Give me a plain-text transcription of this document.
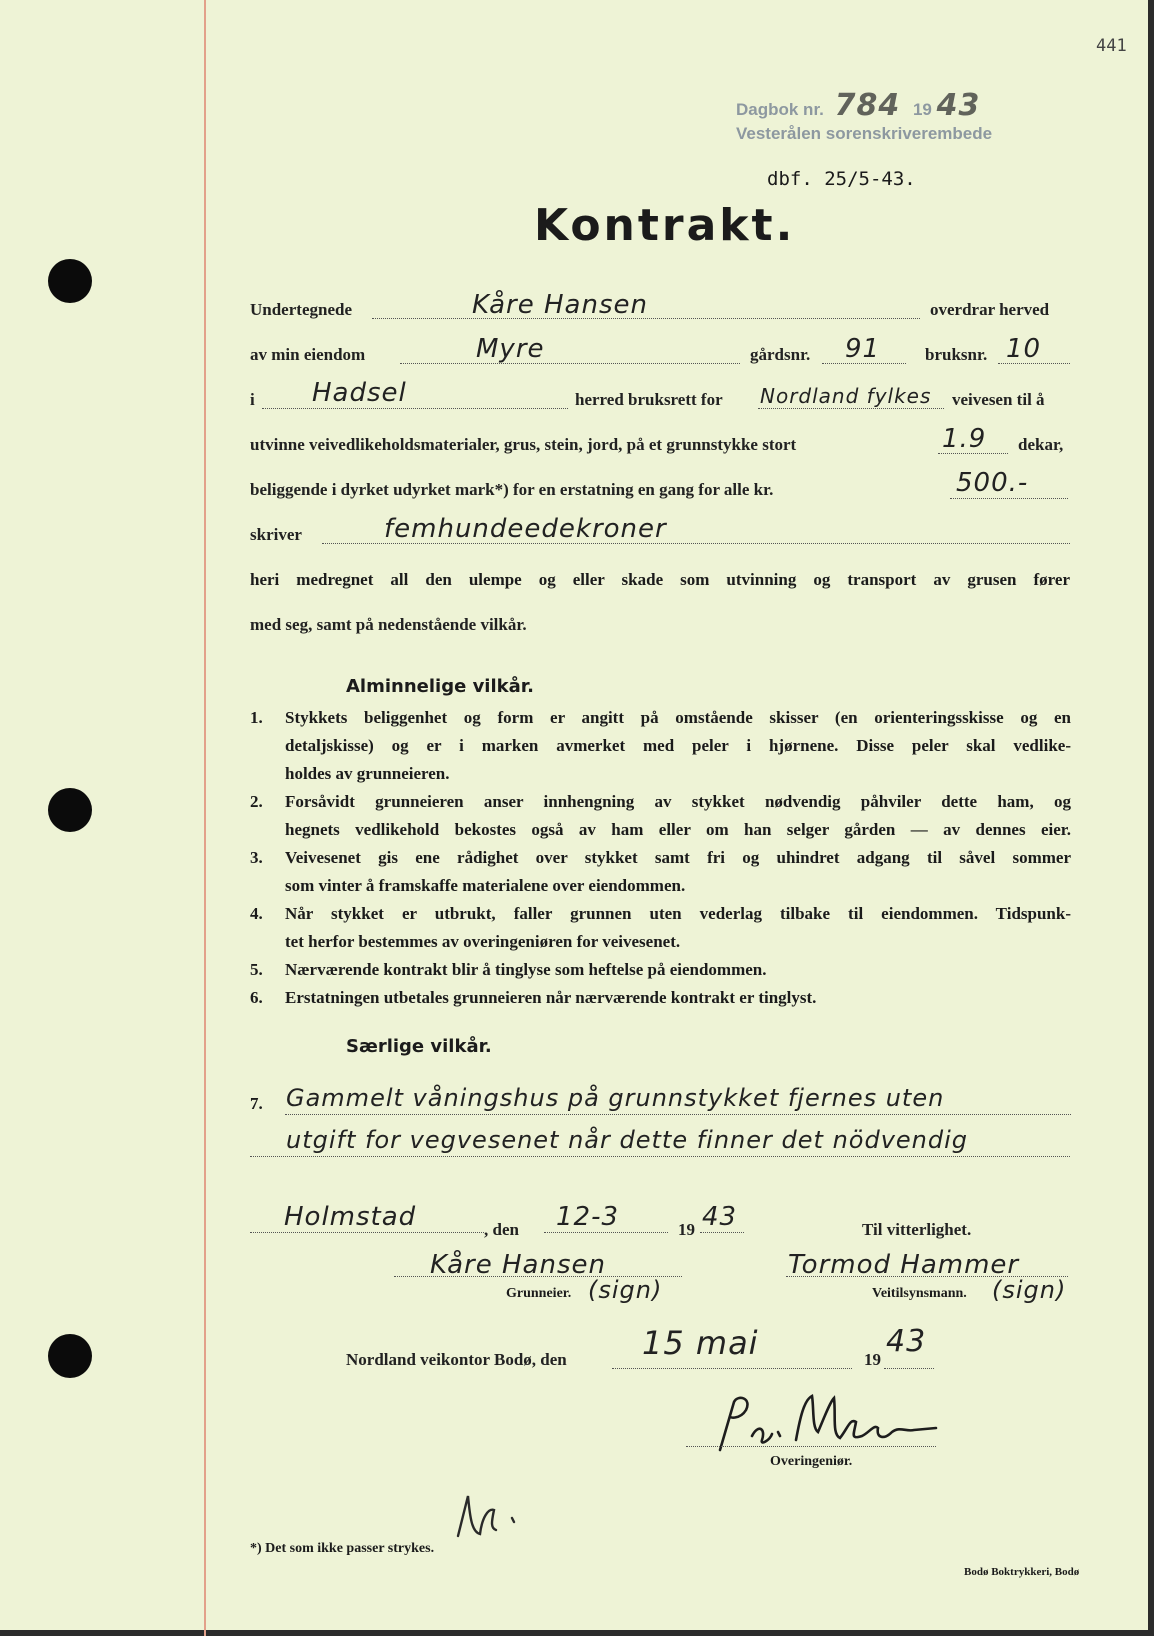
441
Dagbok nr. 784 19 43
Vesterålen sorenskriverembede
dbf. 25/5-43.
Kontrakt.
Undertegnede	Kåre Hansen	overdrar herved
av min eiendom	Myre	gårdsnr. 91	bruksnr. 10
i Hadsel	herred bruksrett for Nordland fylkes veivesen til å
utvinne veivedlikeholdsmaterialer, grus, stein, jord, på et grunnstykke stort	1.9 dekar,
beliggende i dyrket udyrket mark*) for en erstatning en gang for alle kr.	500.-
skriver	femhundeedekroner
heri medregnet all den ulempe og eller skade som utvinning og transport av grusen fører
med seg, samt på nedenstående vilkår.
Alminnelige vilkår.
1. Stykkets beliggenhet og form er angitt på omstående skisser (en orienteringsskisse og en
detaljskisse) og er i marken avmerket med peler i hjørnene. Disse peler skal vedlike-
holdes av grunneieren.
2. Forsåvidt grunneieren anser innhengning av stykket nødvendig påhviler dette ham, og
hegnets vedlikehold bekostes også av ham eller om han selger gården — av dennes eier.
3. Veivesenet gis ene rådighet over stykket samt fri og uhindret adgang til såvel sommer
som vinter å framskaffe materialene over eiendommen.
4. Når stykket er utbrukt, faller grunnen uten vederlag tilbake til eiendommen. Tidspunk-
tet herfor bestemmes av overingeniøren for veivesenet.
5. Nærværende kontrakt blir å tinglyse som heftelse på eiendommen.
6. Erstatningen utbetales grunneieren når nærværende kontrakt er tinglyst.
Særlige vilkår.
7. Gammelt våningshus på grunnstykket fjernes uten
utgift for vegvesenet når dette finner det nödvendig
Holmstad	, den 12-3	19 43	Til vitterlighet.
Kåre Hansen
Grunneier. (sign)
Tormod Hammer
Veitilsynsmann. (sign)
Nordland veikontor Bodø, den 15 mai	19
43
Overingeniør.
*) Det som ikke passer strykes.
Bodø Boktrykkeri, Bodø
